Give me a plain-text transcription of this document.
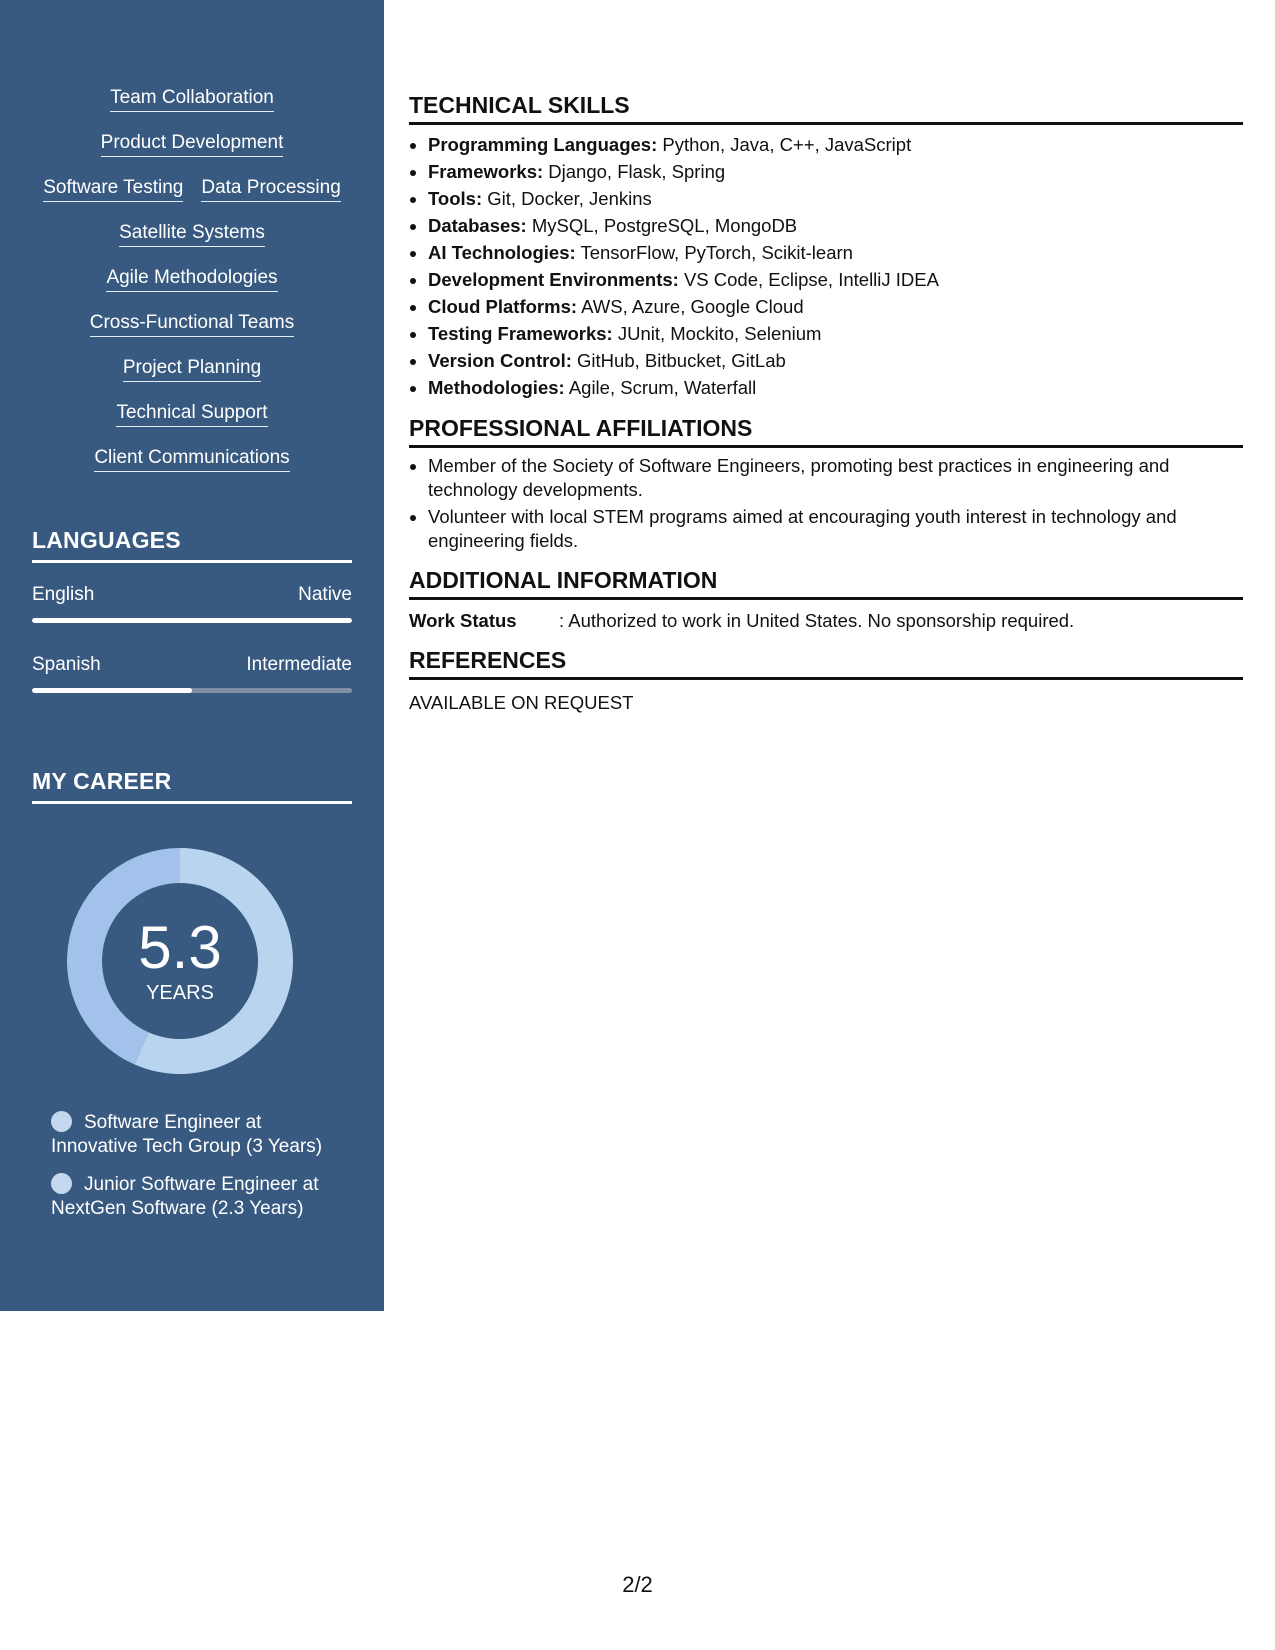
Team Collaboration
Product Development
Software Testing Data Processing
Satellite Systems
Agile Methodologies
Cross-Functional Teams
Project Planning
Technical Support
Client Communications
LANGUAGES
English	Native
Spanish	Intermediate
MY CAREER
5.3
YEARS
Software Engineer at Innovative Tech Group (3 Years)
Junior Software Engineer at NextGen Software (2.3 Years)
TECHNICAL SKILLS
• Programming Languages: Python, Java, C++, JavaScript
• Frameworks: Django, Flask, Spring
• Tools: Git, Docker, Jenkins
• Databases: MySQL, PostgreSQL, MongoDB
• AI Technologies: TensorFlow, PyTorch, Scikit-learn
• Development Environments: VS Code, Eclipse, IntelliJ IDEA
• Cloud Platforms: AWS, Azure, Google Cloud
• Testing Frameworks: JUnit, Mockito, Selenium
• Version Control: GitHub, Bitbucket, GitLab
• Methodologies: Agile, Scrum, Waterfall
PROFESSIONAL AFFILIATIONS
• Member of the Society of Software Engineers, promoting best practices in engineering and technology developments.
• Volunteer with local STEM programs aimed at encouraging youth interest in technology and engineering fields.
ADDITIONAL INFORMATION
Work Status	: Authorized to work in United States. No sponsorship required.
REFERENCES
AVAILABLE ON REQUEST
2/2
